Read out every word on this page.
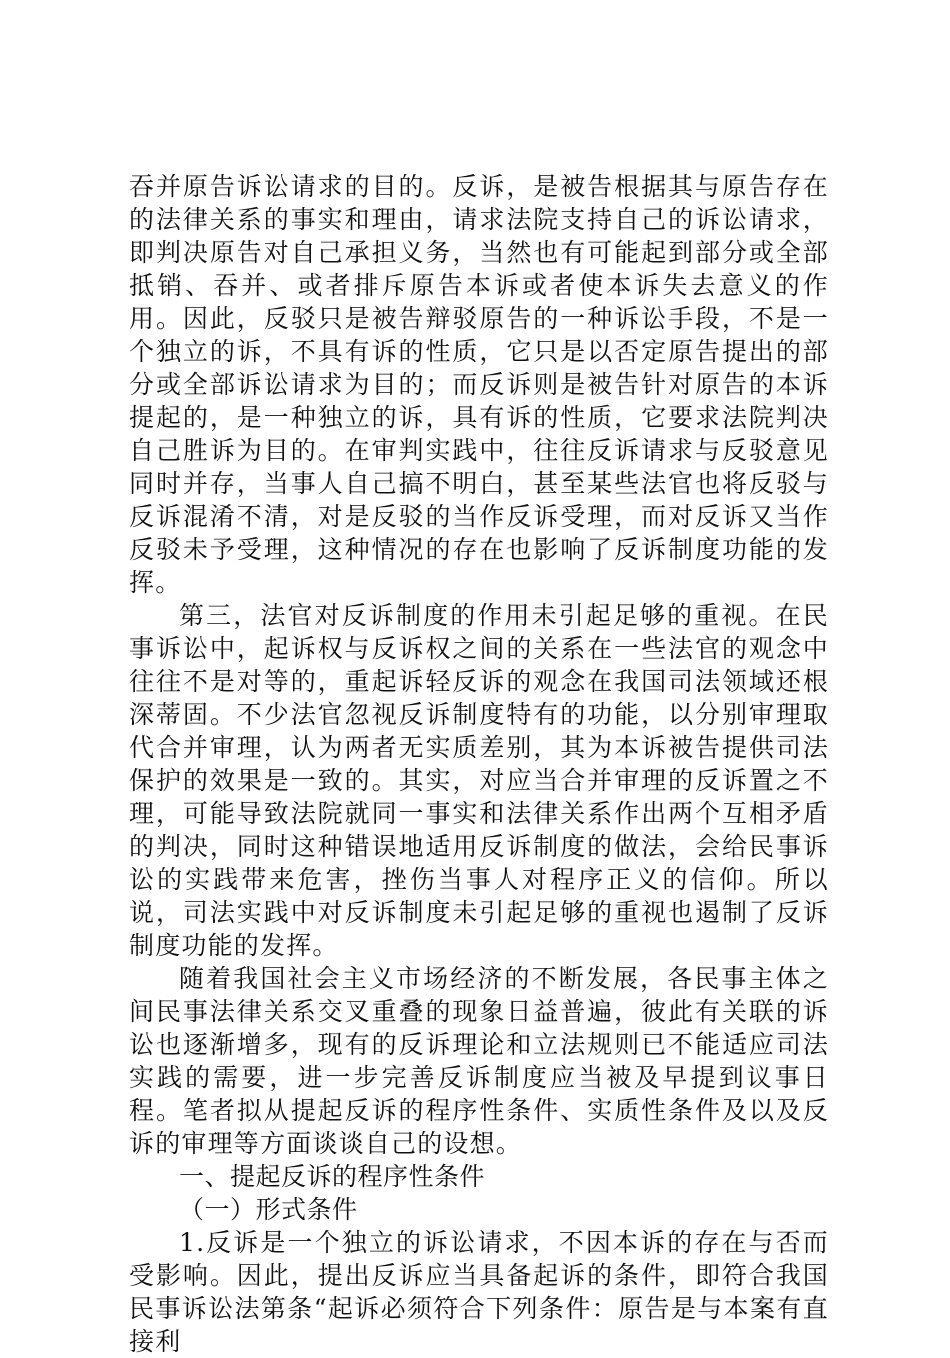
吞并原告诉讼请求的目的。反诉，是被告根据其与原告存在的法律关系的事实和理由，请求法院支持自己的诉讼请求，即判决原告对自己承担义务，当然也有可能起到部分或全部抵销、吞并、或者排斥原告本诉或者使本诉失去意义的作用。因此，反驳只是被告辩驳原告的一种诉讼手段，不是一个独立的诉，不具有诉的性质，它只是以否定原告提出的部分或全部诉讼请求为目的；而反诉则是被告针对原告的本诉提起的，是一种独立的诉，具有诉的性质，它要求法院判决自己胜诉为目的。在审判实践中，往往反诉请求与反驳意见同时并存，当事人自己搞不明白，甚至某些法官也将反驳与反诉混淆不清，对是反驳的当作反诉受理，而对反诉又当作反驳未予受理，这种情况的存在也影响了反诉制度功能的发挥。

第三，法官对反诉制度的作用未引起足够的重视。在民事诉讼中，起诉权与反诉权之间的关系在一些法官的观念中往往不是对等的，重起诉轻反诉的观念在我国司法领域还根深蒂固。不少法官忽视反诉制度特有的功能，以分别审理取代合并审理，认为两者无实质差别，其为本诉被告提供司法保护的效果是一致的。其实，对应当合并审理的反诉置之不理，可能导致法院就同一事实和法律关系作出两个互相矛盾的判决，同时这种错误地适用反诉制度的做法，会给民事诉讼的实践带来危害，挫伤当事人对程序正义的信仰。所以说，司法实践中对反诉制度未引起足够的重视也遏制了反诉制度功能的发挥。

随着我国社会主义市场经济的不断发展，各民事主体之间民事法律关系交叉重叠的现象日益普遍，彼此有关联的诉讼也逐渐增多，现有的反诉理论和立法规则已不能适应司法实践的需要，进一步完善反诉制度应当被及早提到议事日程。笔者拟从提起反诉的程序性条件、实质性条件及以及反诉的审理等方面谈谈自己的设想。

一、提起反诉的程序性条件

（一）形式条件

1.反诉是一个独立的诉讼请求，不因本诉的存在与否而受影响。因此，提出反诉应当具备起诉的条件，即符合我国民事诉讼法第条“起诉必须符合下列条件：原告是与本案有直接利
